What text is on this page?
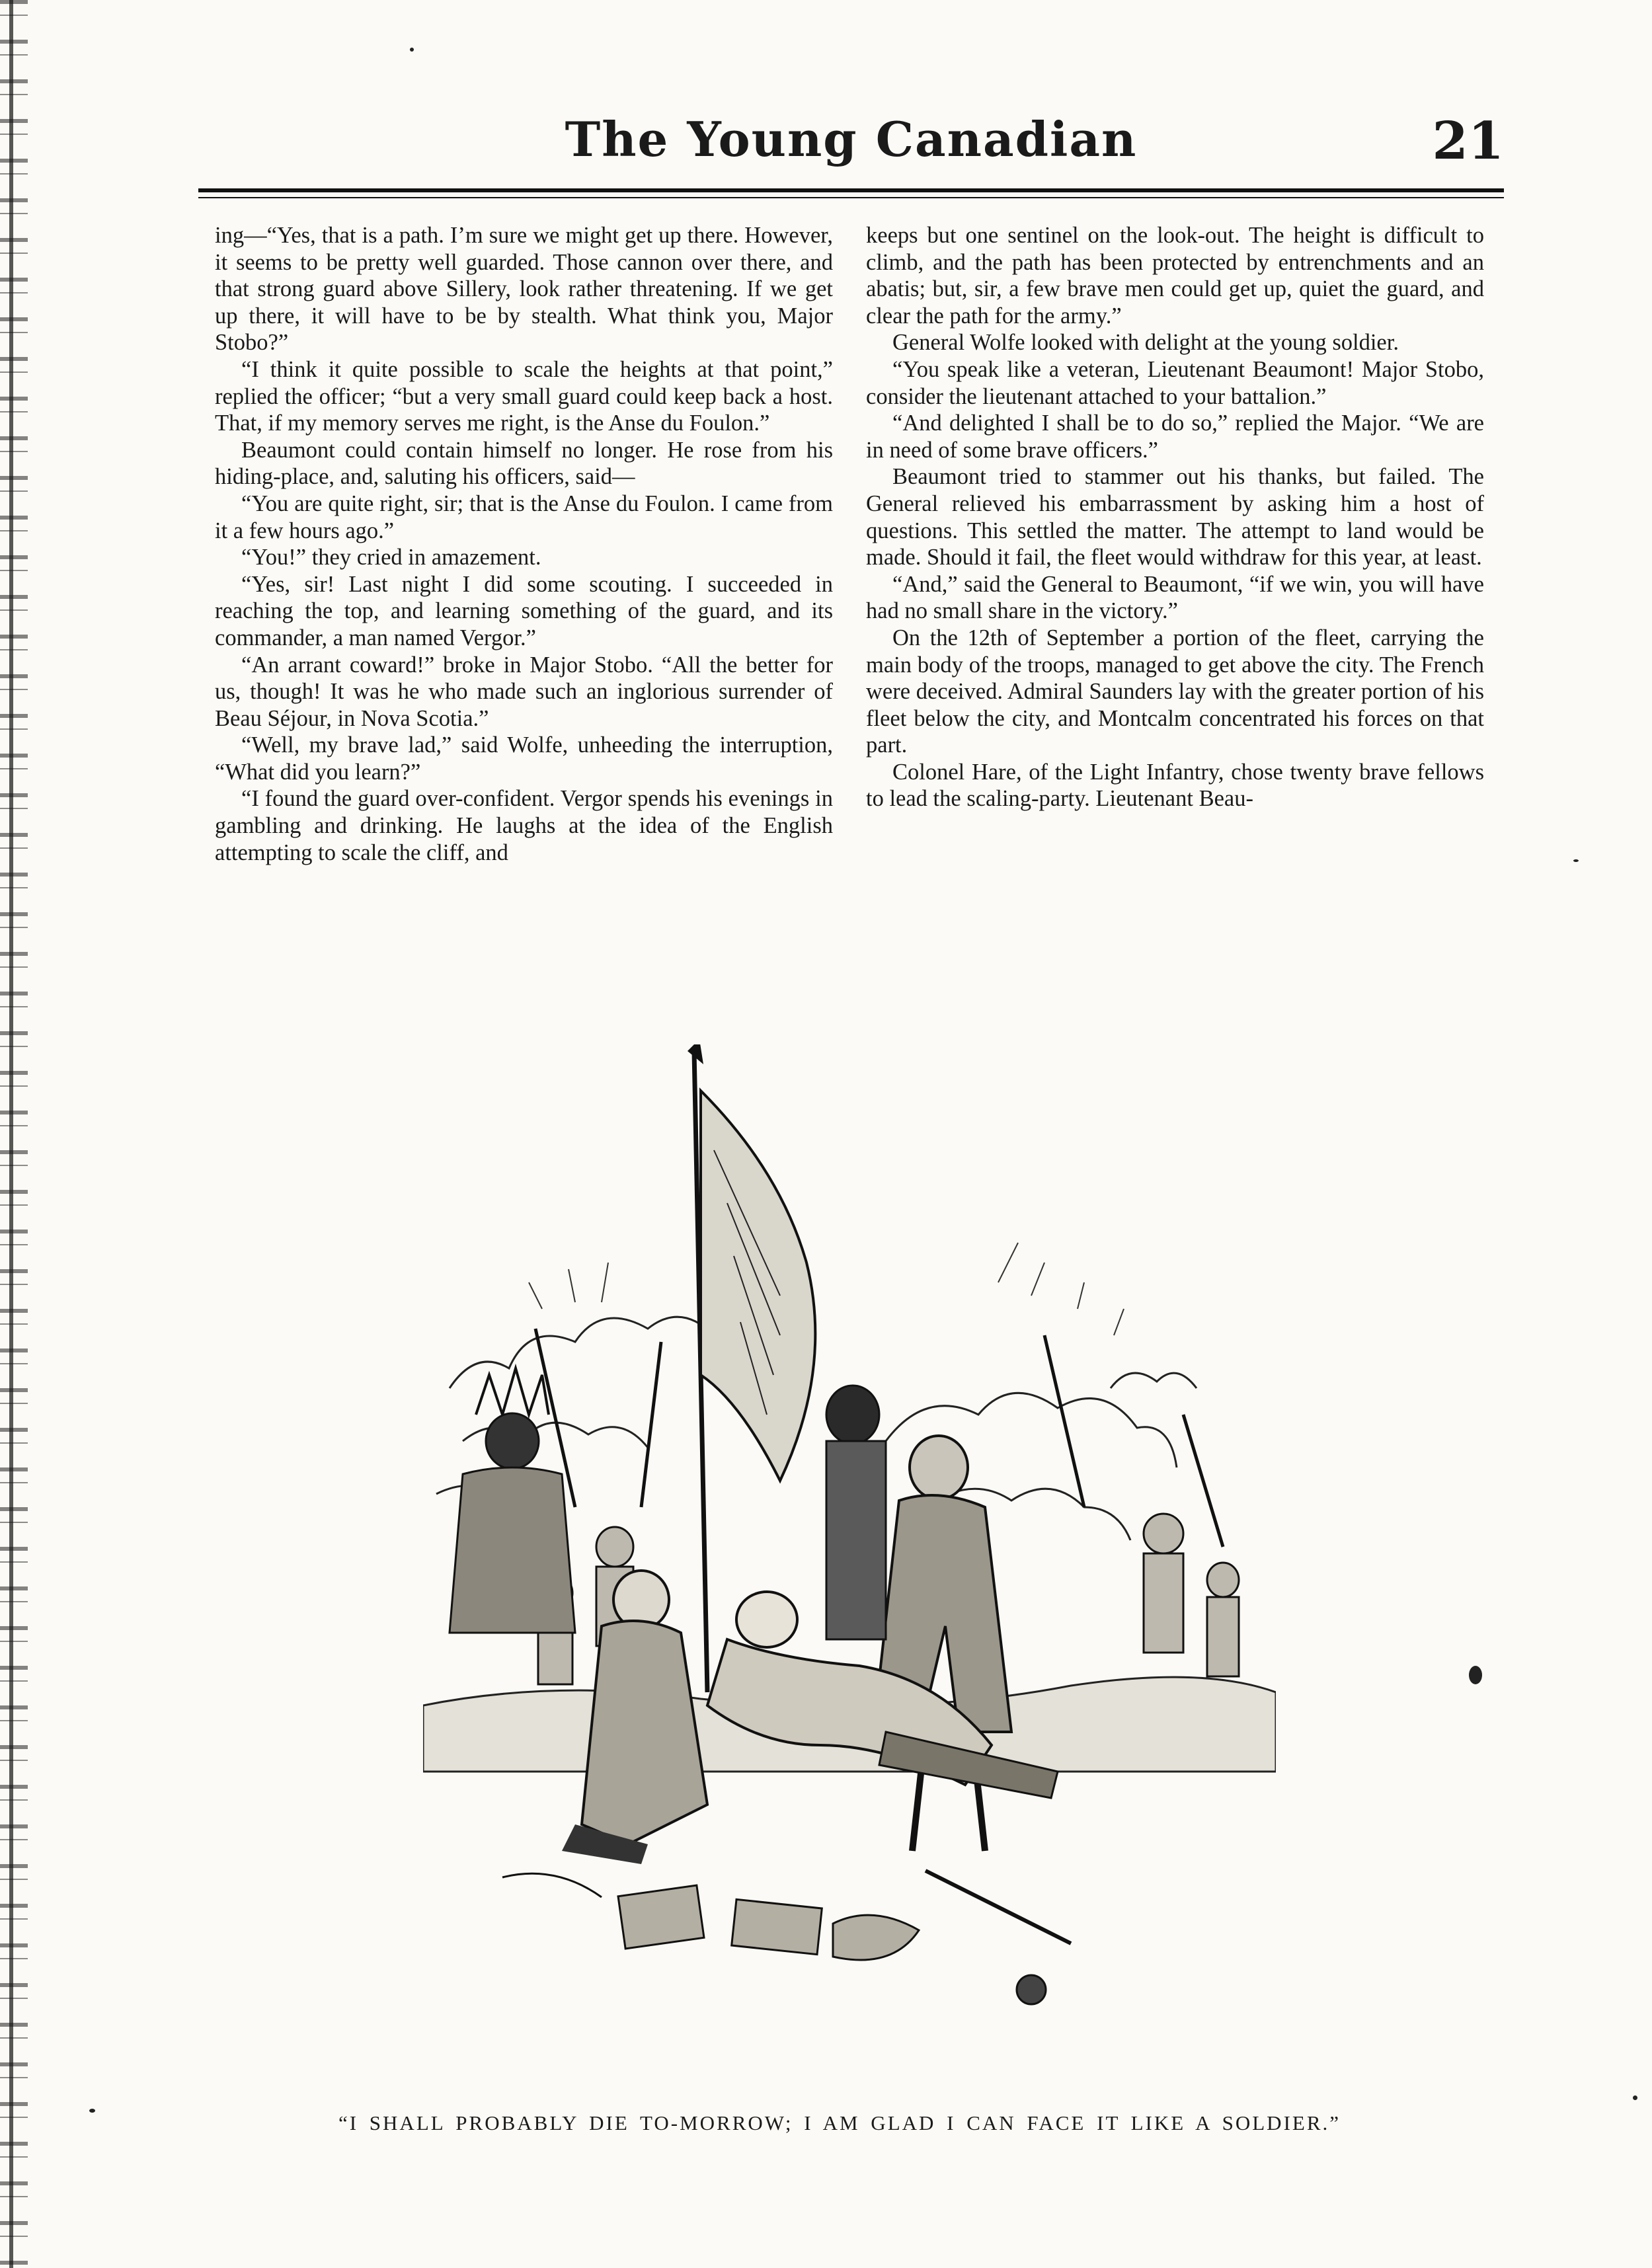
The Young Canadian	21

ing—“Yes, that is a path. I’m sure we might get up there. However, it seems to be pretty well guarded. Those cannon over there, and that strong guard above Sillery, look rather threatening. If we get up there, it will have to be by stealth. What think you, Major Stobo?”

“I think it quite possible to scale the heights at that point,” replied the officer; “but a very small guard could keep back a host. That, if my memory serves me right, is the Anse du Foulon.”

Beaumont could contain himself no longer. He rose from his hiding-place, and, saluting his officers, said—

“You are quite right, sir; that is the Anse du Foulon. I came from it a few hours ago.”

“You!” they cried in amazement.

“Yes, sir! Last night I did some scouting. I succeeded in reaching the top, and learning something of the guard, and its commander, a man named Vergor.”

“An arrant coward!” broke in Major Stobo. “All the better for us, though! It was he who made such an inglorious surrender of Beau Séjour, in Nova Scotia.”

“Well, my brave lad,” said Wolfe, unheeding the interruption, “What did you learn?”

“I found the guard over-confident. Vergor spends his evenings in gambling and drinking. He laughs at the idea of the English attempting to scale the cliff, and

keeps but one sentinel on the look-out. The height is difficult to climb, and the path has been protected by entrenchments and an abatis; but, sir, a few brave men could get up, quiet the guard, and clear the path for the army.”

General Wolfe looked with delight at the young soldier.

“You speak like a veteran, Lieutenant Beaumont! Major Stobo, consider the lieutenant attached to your battalion.”

“And delighted I shall be to do so,” replied the Major. “We are in need of some brave officers.”

Beaumont tried to stammer out his thanks, but failed. The General relieved his embarrassment by asking him a host of questions. This settled the matter. The attempt to land would be made. Should it fail, the fleet would withdraw for this year, at least.

“And,” said the General to Beaumont, “if we win, you will have had no small share in the victory.”

On the 12th of September a portion of the fleet, carrying the main body of the troops, managed to get above the city. The French were deceived. Admiral Saunders lay with the greater portion of his fleet below the city, and Montcalm concentrated his forces on that part.

Colonel Hare, of the Light Infantry, chose twenty brave fellows to lead the scaling-party. Lieutenant Beau-

“I SHALL PROBABLY DIE TO-MORROW; I AM GLAD I CAN FACE IT LIKE A SOLDIER.”
